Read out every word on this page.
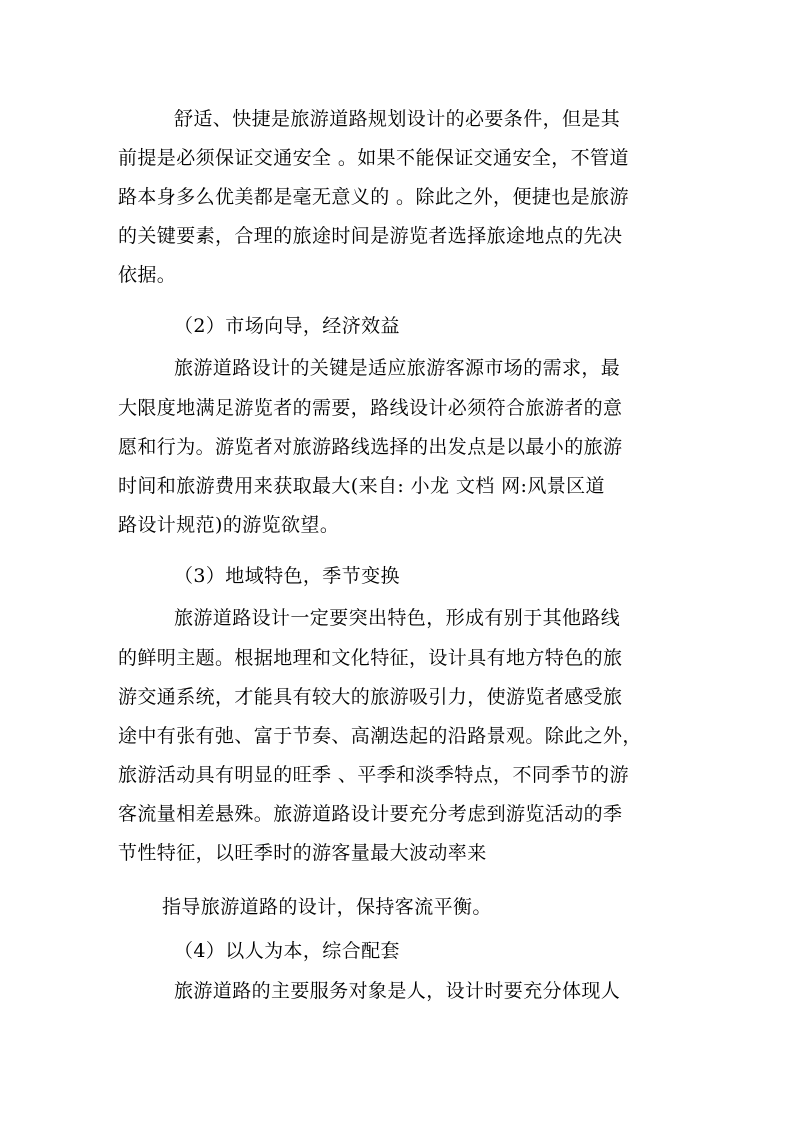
舒适、快捷是旅游道路规划设计的必要条件，但是其
前提是必须保证交通安全 。如果不能保证交通安全，不管道
路本身多么优美都是毫无意义的 。除此之外，便捷也是旅游
的关键要素，合理的旅途时间是游览者选择旅途地点的先决
依据。
（2）市场向导，经济效益
旅游道路设计的关键是适应旅游客源市场的需求，最
大限度地满足游览者的需要，路线设计必须符合旅游者的意
愿和行为。游览者对旅游路线选择的出发点是以最小的旅游
时间和旅游费用来获取最大(来自: 小龙 文档 网:风景区道
路设计规范)的游览欲望。
（3）地域特色，季节变换
旅游道路设计一定要突出特色，形成有别于其他路线
的鲜明主题。根据地理和文化特征，设计具有地方特色的旅
游交通系统，才能具有较大的旅游吸引力，使游览者感受旅
途中有张有弛、富于节奏、高潮迭起的沿路景观。除此之外，
旅游活动具有明显的旺季 、平季和淡季特点，不同季节的游
客流量相差悬殊。旅游道路设计要充分考虑到游览活动的季
节性特征，以旺季时的游客量最大波动率来
指导旅游道路的设计，保持客流平衡。
（4）以人为本，综合配套
旅游道路的主要服务对象是人，设计时要充分体现人
